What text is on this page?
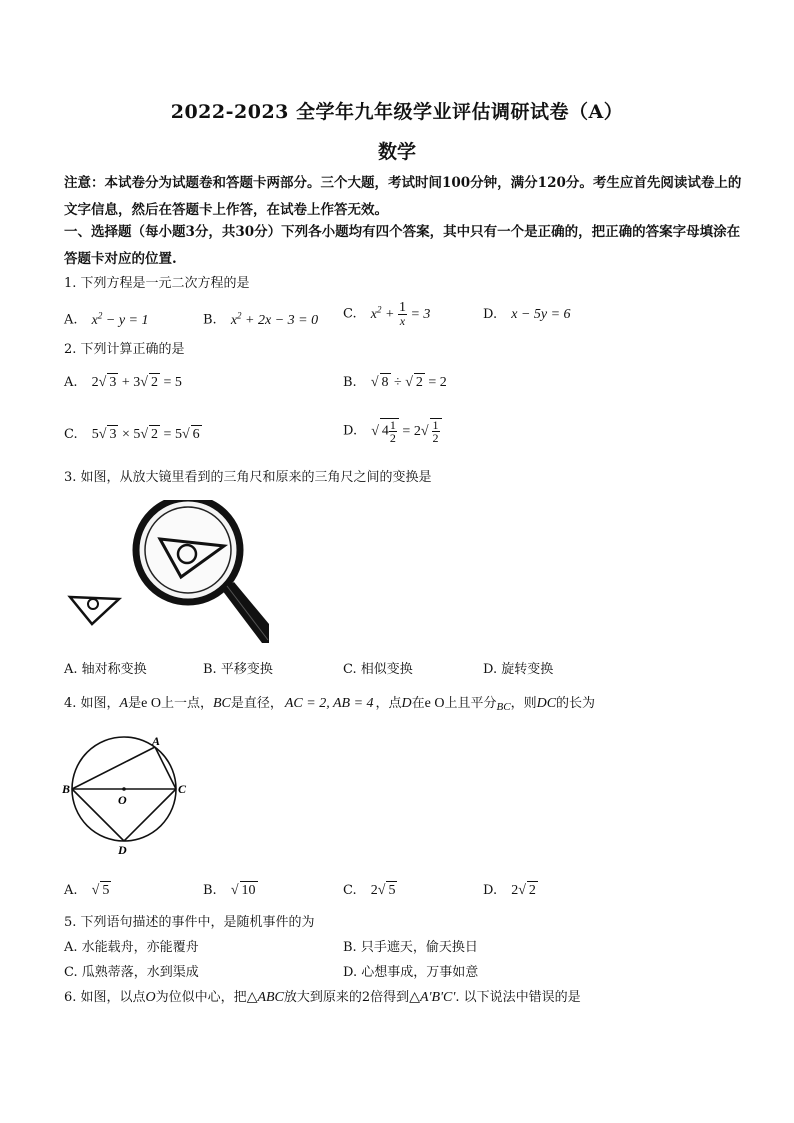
2022-2023 全学年九年级学业评估调研试卷（A）
数学
注意：本试卷分为试题卷和答题卡两部分。三个大题，考试时间100分钟，满分120分。考生应首先阅读试卷上的文字信息，然后在答题卡上作答，在试卷上作答无效。
一、选择题（每小题3分，共30分）下列各小题均有四个答案，其中只有一个是正确的，把正确的答案字母填涂在答题卡对应的位置.
1. 下列方程是一元二次方程的是
A. $x^2 - y = 1$	B. $x^2 + 2x - 3 = 0$ C. $x^2 + \frac{1}{x} = 3$	D. x − 5y = 6
2. 下列计算正确的是
A. 2√ 3 + 3√ 2 = 5	B. √ 8 ÷ √ 2 = 2
C. 5√ 3 × 5√ 2 = 5√ 6	D. √ $4 \frac{1}{2} = 2√ \frac{1}{2}$
3. 如图，从放大镜里看到的三角尺和原来的三角尺之间的变换是
A. 轴对称变换	B. 平移变换	C. 相似变换	D. 旋转变换
4. 如图，A是e O上一点，BC是直径， AC = 2, AB = 4 ，点D在e O上且平分$_{BC}$，则DC的长为
A
B	C
O
D
A. √ 5	B. √ 10	C. 2√ 5	D. 2√ 2
5. 下列语句描述的事件中，是随机事件的为
A. 水能载舟，亦能覆舟	B. 只手遮天，偷天换日
C. 瓜熟蒂落，水到渠成	D. 心想事成，万事如意
6. 如图，以点O为位似中心，把△ABC放大到原来的2倍得到△A'B'C'. 以下说法中错误的是
